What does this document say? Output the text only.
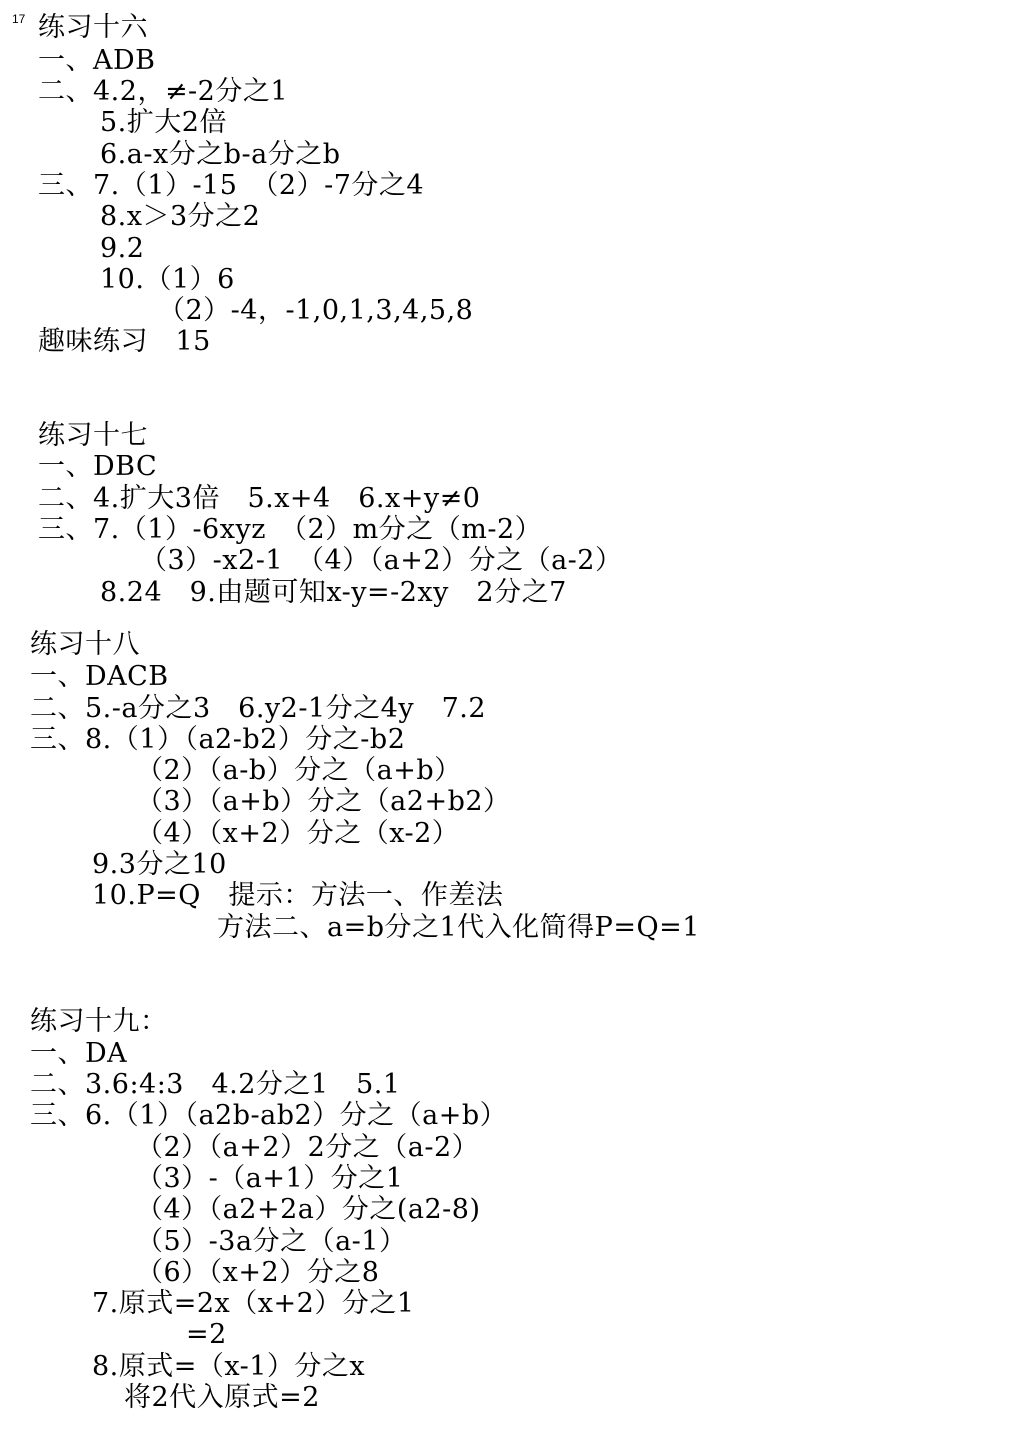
17 练习十六
一、ADB
二、4.2，≠-2分之1
5.扩大2倍
6.a-x分之b-a分之b
三、7.（1）-15　（2）-7分之4
8.x＞3分之2
9.2
10.（1）6
（2）-4，-1,0,1,3,4,5,8
趣味练习　15
练习十七
一、DBC
二、4.扩大3倍　5.x+4　6.x+y≠0
三、7.（1）-6xyz　（2）m分之（m-2）
（3）-x2-1　（4）（a+2）分之（a-2）
8.24　9.由题可知x-y=-2xy　2分之7
练习十八
一、DACB
二、5.-a分之3　6.y2-1分之4y　7.2
三、8.（1）（a2-b2）分之-b2
（2）（a-b）分之（a+b）
（3）（a+b）分之（a2+b2）
（4）（x+2）分之（x-2）
9.3分之10
10.P=Q　提示：方法一、作差法
方法二、a=b分之1代入化简得P=Q=1
练习十九：
一、DA
二、3.6:4:3　4.2分之1　5.1
三、6.（1）（a2b-ab2）分之（a+b）
（2）（a+2）2分之（a-2）
（3）-（a+1）分之1
（4）（a2+2a）分之(a2-8)
（5）-3a分之（a-1）
（6）（x+2）分之8
7.原式=2x（x+2）分之1
=2
8.原式=（x-1）分之x
将2代入原式=2
